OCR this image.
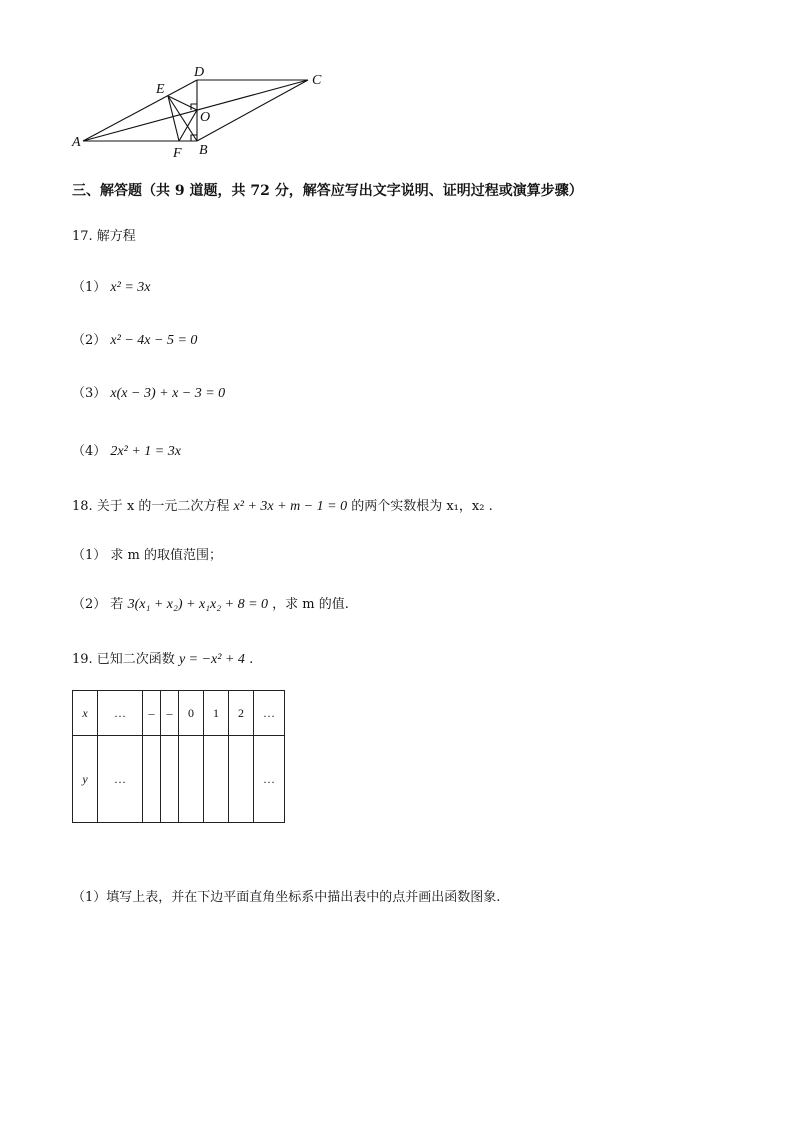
A
B
C
D
E
F
O
三、解答题（共 9 道题，共 72 分，解答应写出文字说明、证明过程或演算步骤）
17. 解方程
（1） x² = 3x
（2） x² − 4x − 5 = 0
（3） x(x − 3) + x − 3 = 0
（4） 2x² + 1 = 3x
18. 关于 x 的一元二次方程 x² + 3x + m − 1 = 0 的两个实数根为 x₁，x₂ .
（1） 求 m 的取值范围；
（2） 若 3(x₁ + x₂) + x₁x₂ + 8 = 0 ，求 m 的值.
19. 已知二次函数 y = −x² + 4 .
x	…	–	–	0	1	2	…
y	…						…
（1）填写上表，并在下边平面直角坐标系中描出表中的点并画出函数图象.
